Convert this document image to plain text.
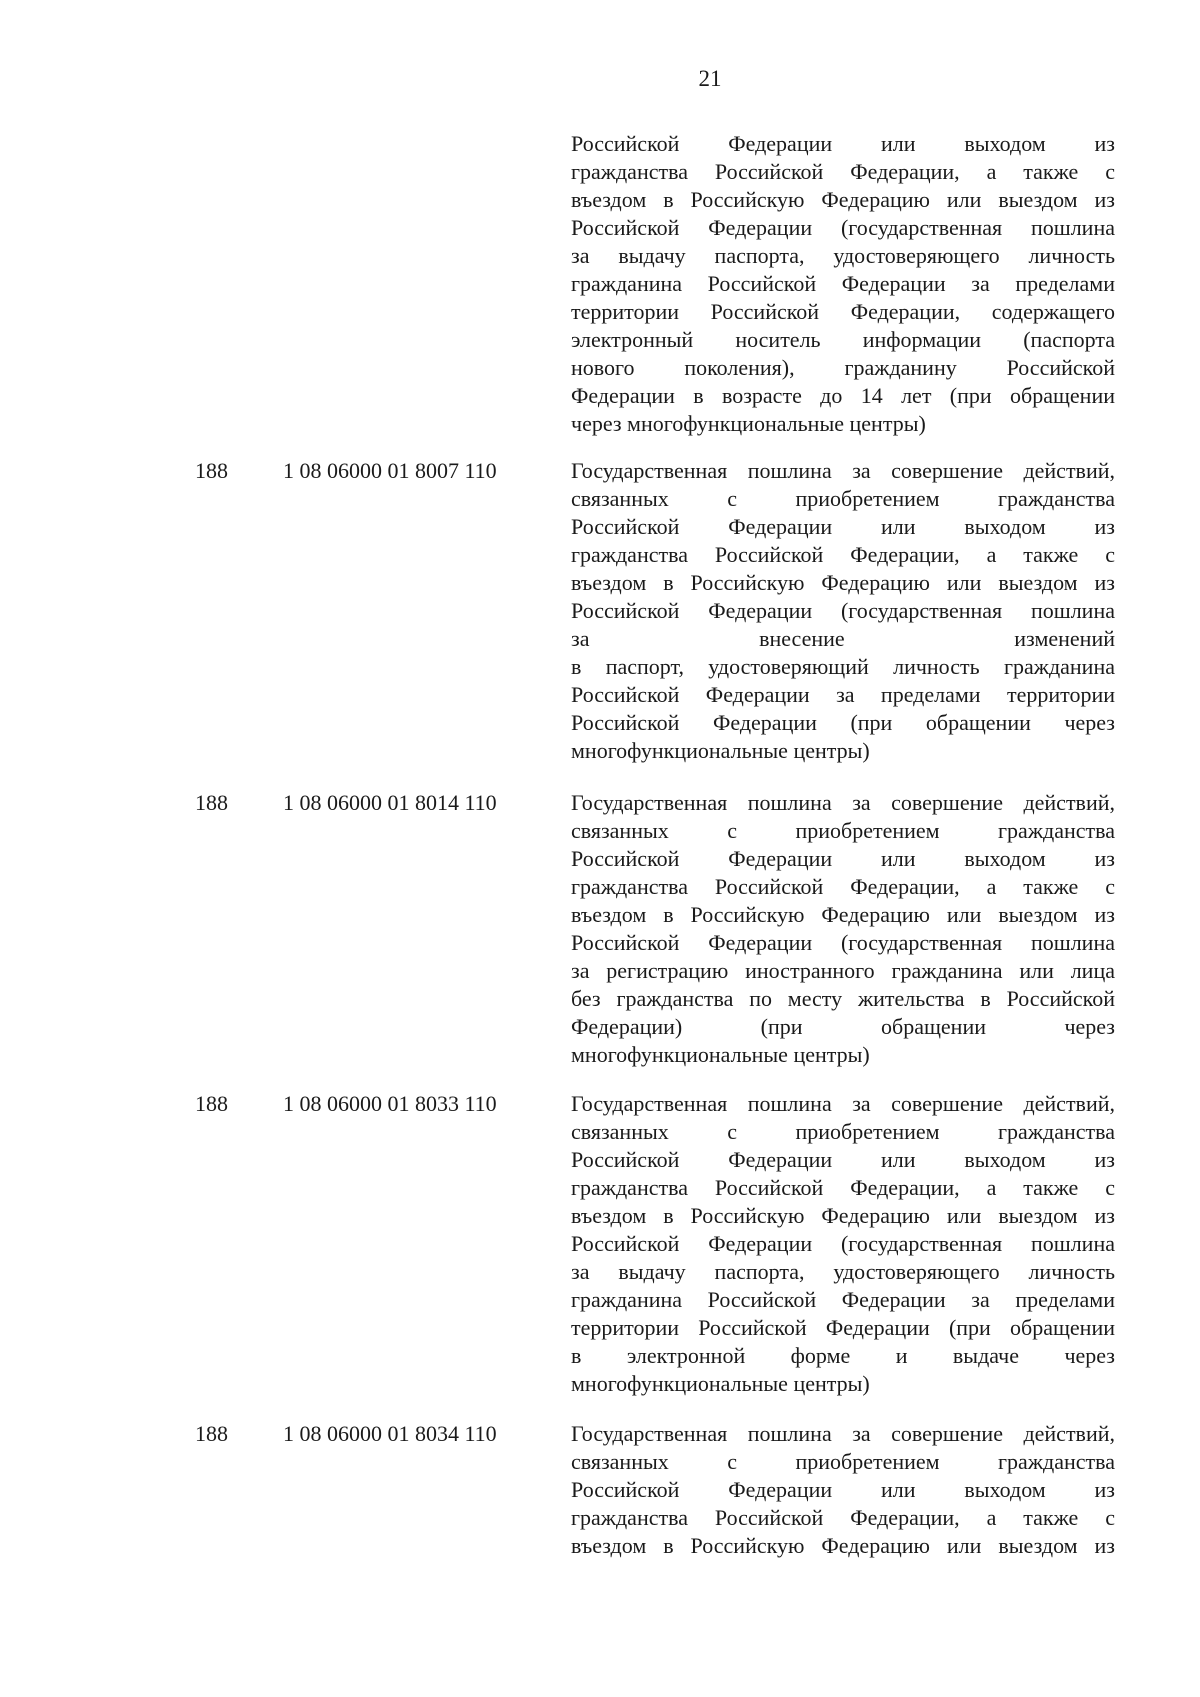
21
Российской Федерации или выходом из
гражданства Российской Федерации, а также с
въездом в Российскую Федерацию или выездом из
Российской Федерации (государственная пошлина
за выдачу паспорта, удостоверяющего личность
гражданина Российской Федерации за пределами
территории Российской Федерации, содержащего
электронный носитель информации (паспорта
нового поколения), гражданину Российской
Федерации в возрасте до 14 лет (при обращении
через многофункциональные центры)
188	1 08 06000 01 8007 110	Государственная пошлина за совершение действий,
связанных с приобретением гражданства
Российской Федерации или выходом из
гражданства Российской Федерации, а также с
въездом в Российскую Федерацию или выездом из
Российской Федерации (государственная пошлина
за внесение изменений
в паспорт, удостоверяющий личность гражданина
Российской Федерации за пределами территории
Российской Федерации (при обращении через
многофункциональные центры)
188	1 08 06000 01 8014 110	Государственная пошлина за совершение действий,
связанных с приобретением гражданства
Российской Федерации или выходом из
гражданства Российской Федерации, а также с
въездом в Российскую Федерацию или выездом из
Российской Федерации (государственная пошлина
за регистрацию иностранного гражданина или лица
без гражданства по месту жительства в Российской
Федерации) (при обращении через
многофункциональные центры)
188	1 08 06000 01 8033 110	Государственная пошлина за совершение действий,
связанных с приобретением гражданства
Российской Федерации или выходом из
гражданства Российской Федерации, а также с
въездом в Российскую Федерацию или выездом из
Российской Федерации (государственная пошлина
за выдачу паспорта, удостоверяющего личность
гражданина Российской Федерации за пределами
территории Российской Федерации (при обращении
в электронной форме и выдаче через
многофункциональные центры)
188	1 08 06000 01 8034 110	Государственная пошлина за совершение действий,
связанных с приобретением гражданства
Российской Федерации или выходом из
гражданства Российской Федерации, а также с
въездом в Российскую Федерацию или выездом из
